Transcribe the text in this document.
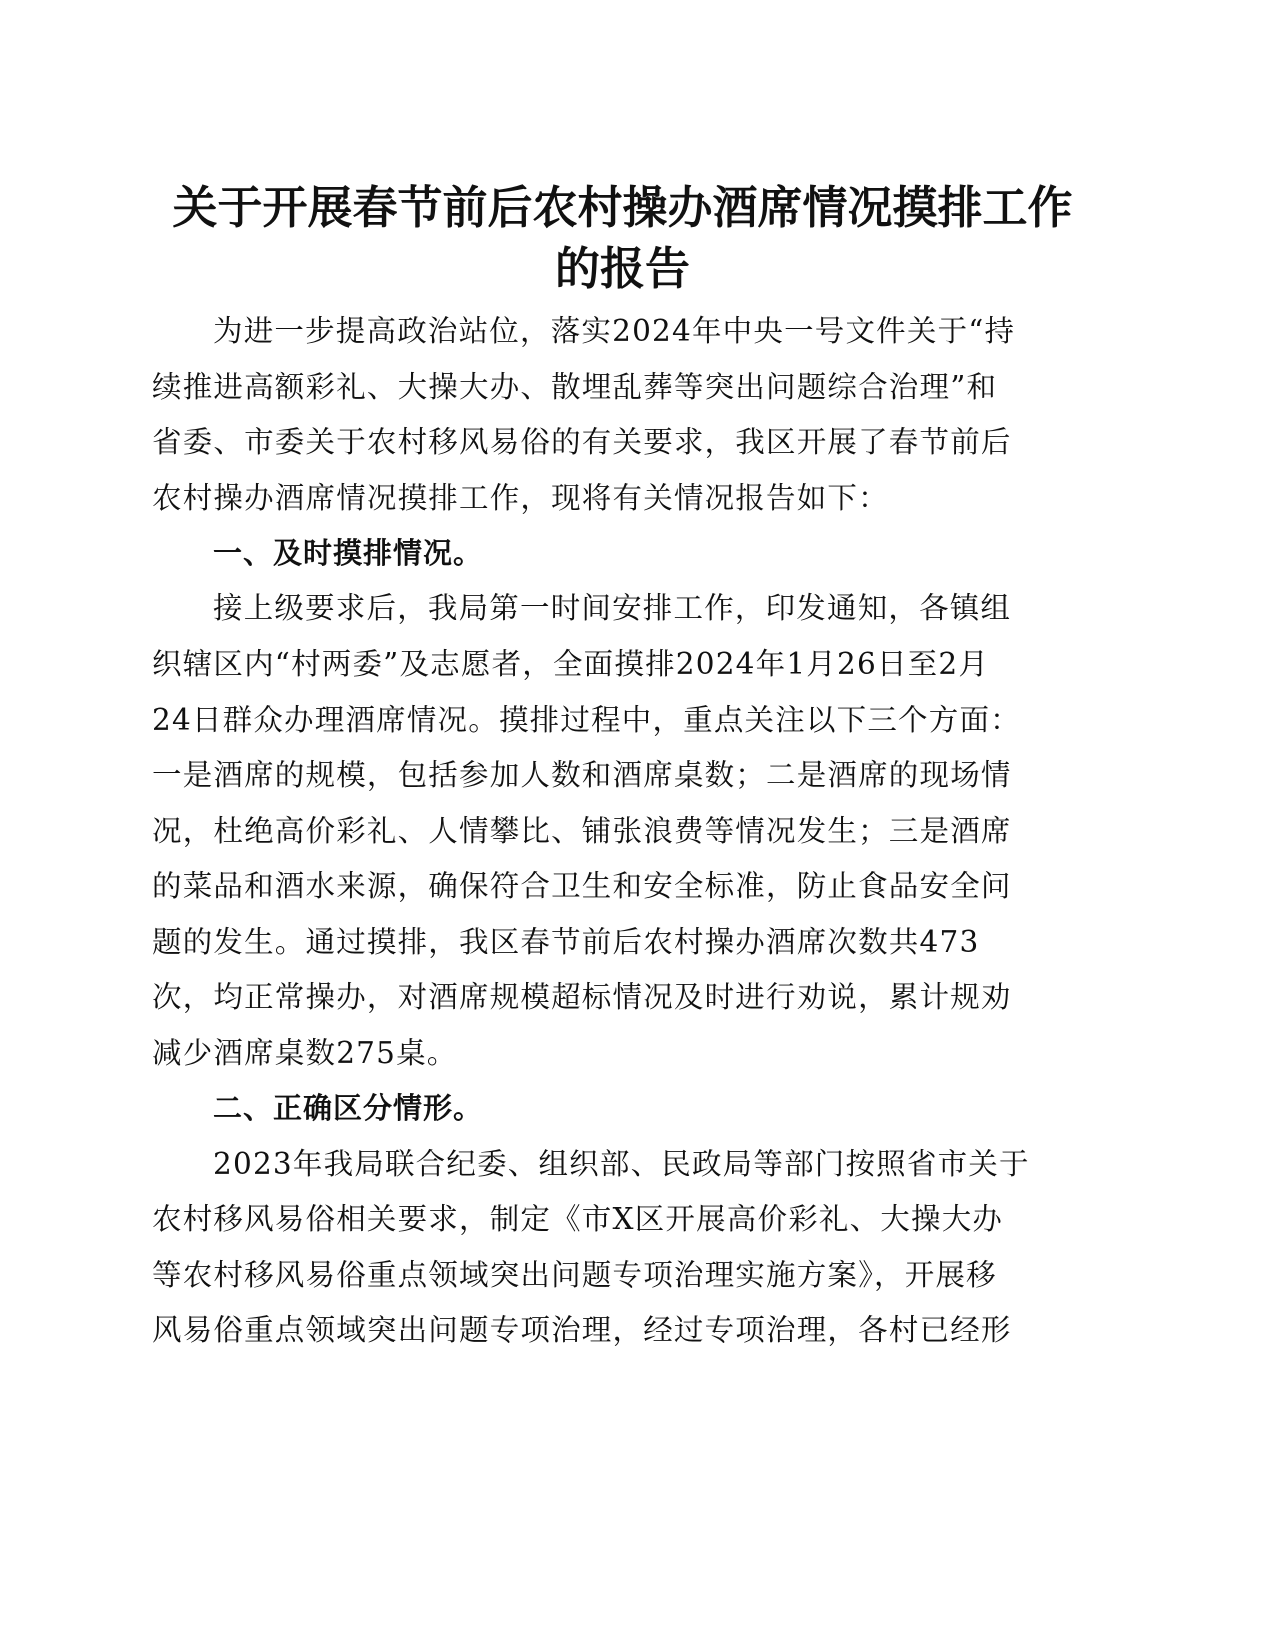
关于开展春节前后农村操办酒席情况摸排工作
的报告

为进一步提高政治站位，落实2024年中央一号文件关于“持

续推进高额彩礼、大操大办、散埋乱葬等突出问题综合治理”和

省委、市委关于农村移风易俗的有关要求，我区开展了春节前后

农村操办酒席情况摸排工作，现将有关情况报告如下：

一、及时摸排情况。

接上级要求后，我局第一时间安排工作，印发通知，各镇组

织辖区内“村两委”及志愿者，全面摸排2024年1月26日至2月

24日群众办理酒席情况。摸排过程中，重点关注以下三个方面：

一是酒席的规模，包括参加人数和酒席桌数；二是酒席的现场情

况，杜绝高价彩礼、人情攀比、铺张浪费等情况发生；三是酒席

的菜品和酒水来源，确保符合卫生和安全标准，防止食品安全问

题的发生。通过摸排，我区春节前后农村操办酒席次数共473

次，均正常操办，对酒席规模超标情况及时进行劝说，累计规劝

减少酒席桌数275桌。

二、正确区分情形。

2023年我局联合纪委、组织部、民政局等部门按照省市关于

农村移风易俗相关要求，制定《市X区开展高价彩礼、大操大办

等农村移风易俗重点领域突出问题专项治理实施方案》，开展移

风易俗重点领域突出问题专项治理，经过专项治理，各村已经形
